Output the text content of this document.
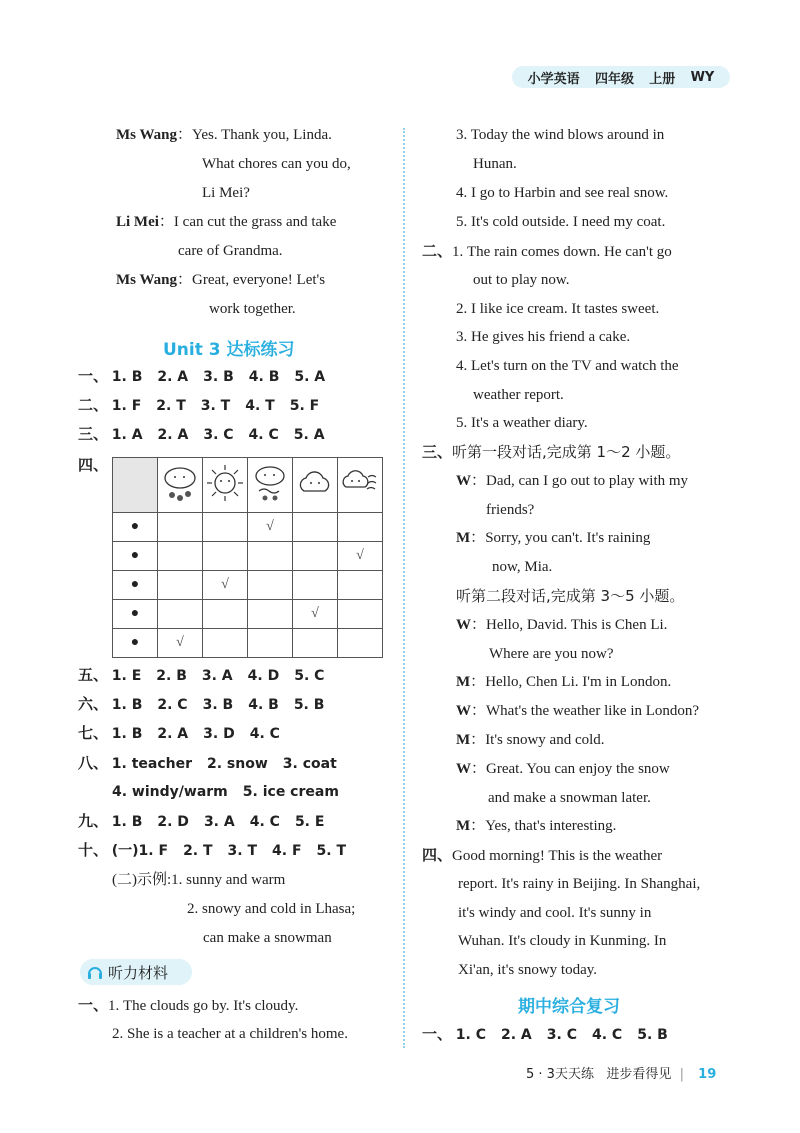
小学英语 四年级 上册 WY
Ms Wang：Yes. Thank you, Linda.
What chores can you do,
Li Mei?
Li Mei：I can cut the grass and take
care of Grandma.
Ms Wang：Great, everyone! Let's
work together.
Unit 3 达标练习
一、 1. B 2. A 3. B 4. B 5. A
二、 1. F 2. T 3. T 4. T 5. F
三、 1. A 2. A 3. C 4. C 5. A
四、

●			√		
●					√
●		√			
●				√	
●	√				
五、 1. E 2. B 3. A 4. D 5. C
六、 1. B 2. C 3. B 4. B 5. B
七、 1. B 2. A 3. D 4. C
八、 1. teacher 2. snow 3. coat
4. windy/warm 5. ice cream
九、 1. B 2. D 3. A 4. C 5. E
十、 (一)1. F 2. T 3. T 4. F 5. T
(二)示例:1. sunny and warm
2. snowy and cold in Lhasa;
can make a snowman
听力材料
一、1. The clouds go by. It's cloudy.
2. She is a teacher at a children's home.
3. Today the wind blows around in
Hunan.
4. I go to Harbin and see real snow.
5. It's cold outside. I need my coat.
二、1. The rain comes down. He can't go
out to play now.
2. I like ice cream. It tastes sweet.
3. He gives his friend a cake.
4. Let's turn on the TV and watch the
weather report.
5. It's a weather diary.
三、听第一段对话,完成第 1～2 小题。
W：Dad, can I go out to play with my
friends?
M：Sorry, you can't. It's raining
now, Mia.
听第二段对话,完成第 3～5 小题。
W：Hello, David. This is Chen Li.
Where are you now?
M：Hello, Chen Li. I'm in London.
W：What's the weather like in London?
M：It's snowy and cold.
W：Great. You can enjoy the snow
and make a snowman later.
M：Yes, that's interesting.
四、Good morning! This is the weather
report. It's rainy in Beijing. In Shanghai,
it's windy and cool. It's sunny in
Wuhan. It's cloudy in Kunming. In
Xi'an, it's snowy today.
期中综合复习
一、 1. C 2. A 3. C 4. C 5. B
5 · 3天天练 进步看得见 | 19
